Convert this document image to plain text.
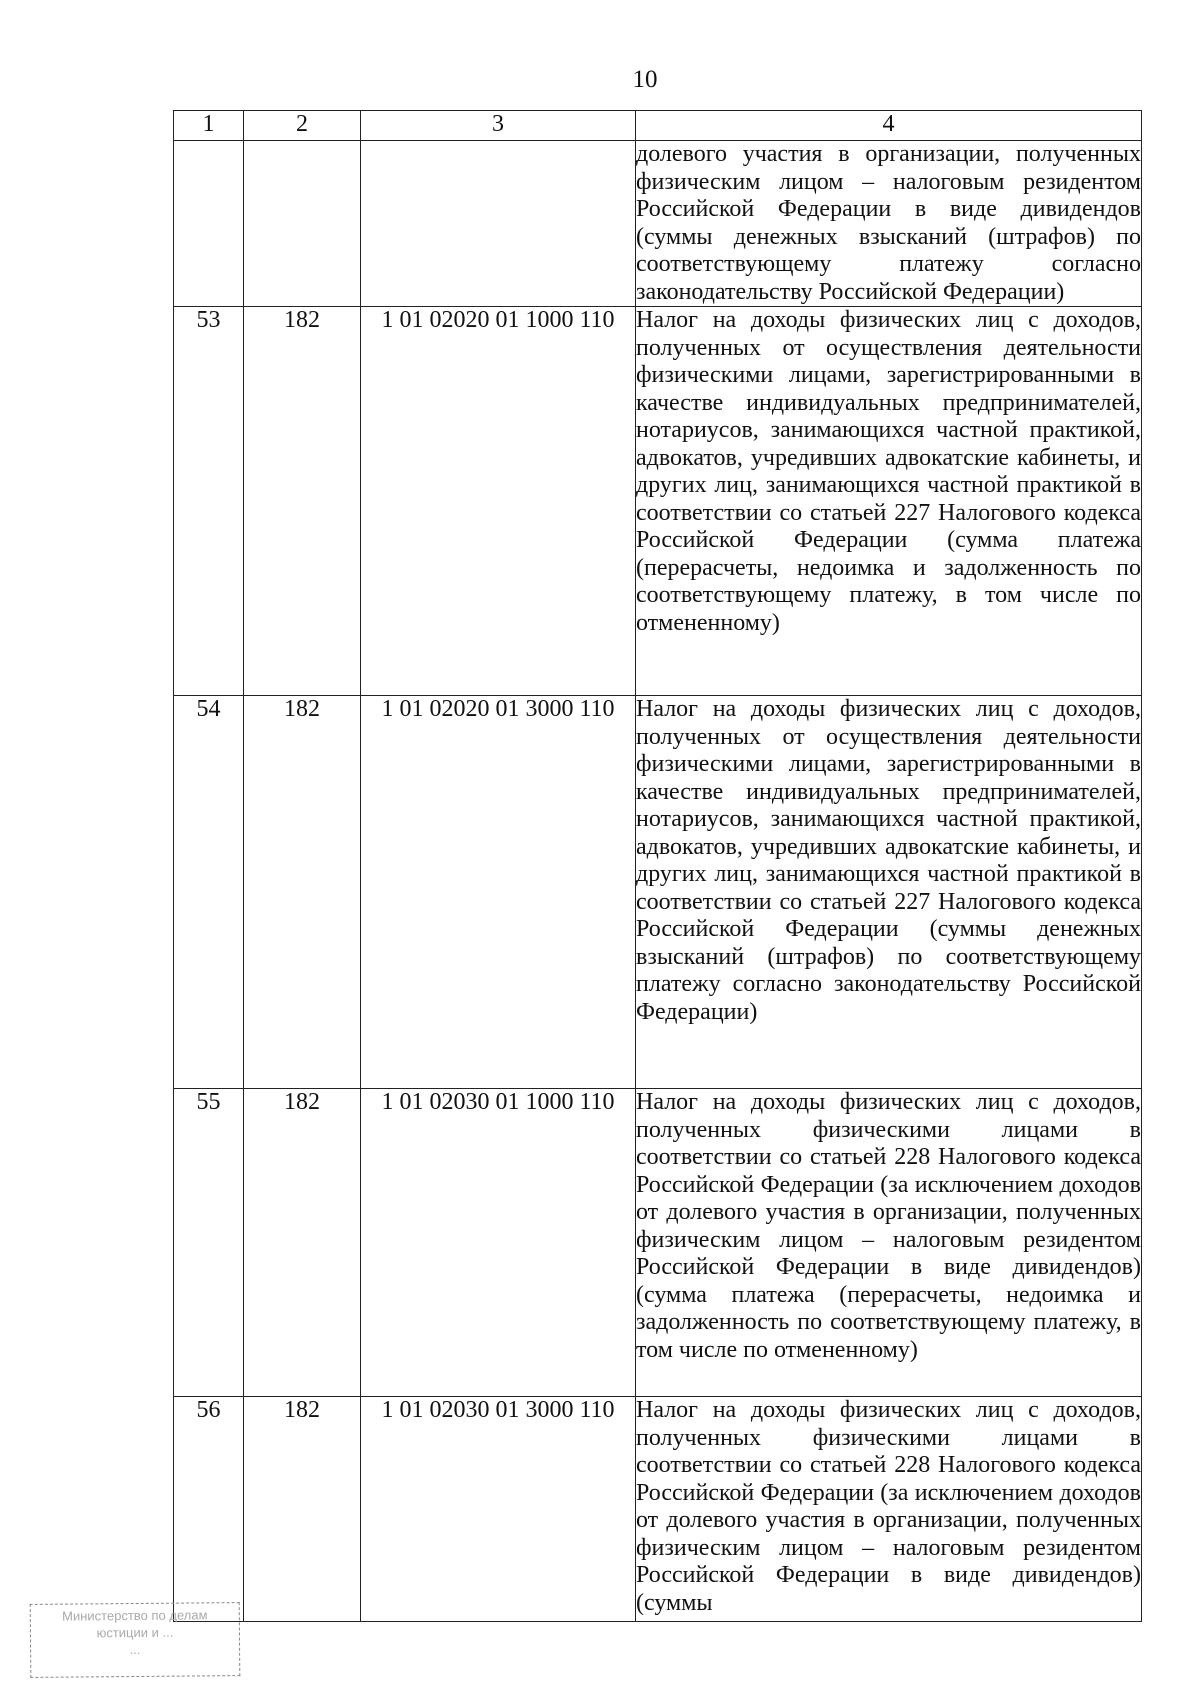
10
1	2	3	4
			долевого участия в организации, полученных физическим лицом – налоговым резидентом Российской Федерации в виде дивидендов (суммы денежных взысканий (штрафов) по соответствующему платежу согласно законодательству Российской Федерации)
53	182	1 01 02020 01 1000 110	Налог на доходы физических лиц с доходов, полученных от осуществления деятельности физическими лицами, зарегистрированными в качестве индивидуальных предпринимателей, нотариусов, занимающихся частной практикой, адвокатов, учредивших адвокатские кабинеты, и других лиц, занимающихся частной практикой в соответствии со статьей 227 Налогового кодекса Российской Федерации (сумма платежа (перерасчеты, недоимка и задолженность по соответствующему платежу, в том числе по отмененному)
54	182	1 01 02020 01 3000 110	Налог на доходы физических лиц с доходов, полученных от осуществления деятельности физическими лицами, зарегистрированными в качестве индивидуальных предпринимателей, нотариусов, занимающихся частной практикой, адвокатов, учредивших адвокатские кабинеты, и других лиц, занимающихся частной практикой в соответствии со статьей 227 Налогового кодекса Российской Федерации (суммы денежных взысканий (штрафов) по соответствующему платежу согласно законодательству Российской Федерации)
55	182	1 01 02030 01 1000 110	Налог на доходы физических лиц с доходов, полученных физическими лицами в соответствии со статьей 228 Налогового кодекса Российской Федерации (за исключением доходов от долевого участия в организации, полученных физическим лицом – налоговым резидентом Российской Федерации в виде дивидендов) (сумма платежа (перерасчеты, недоимка и задолженность по соответствующему платежу, в том числе по отмененному)
56	182	1 01 02030 01 3000 110	Налог на доходы физических лиц с доходов, полученных физическими лицами в соответствии со статьей 228 Налогового кодекса Российской Федерации (за исключением доходов от долевого участия в организации, полученных физическим лицом – налоговым резидентом Российской Федерации в виде дивидендов) (суммы
Министерство по делам
юстиции и ...
...
